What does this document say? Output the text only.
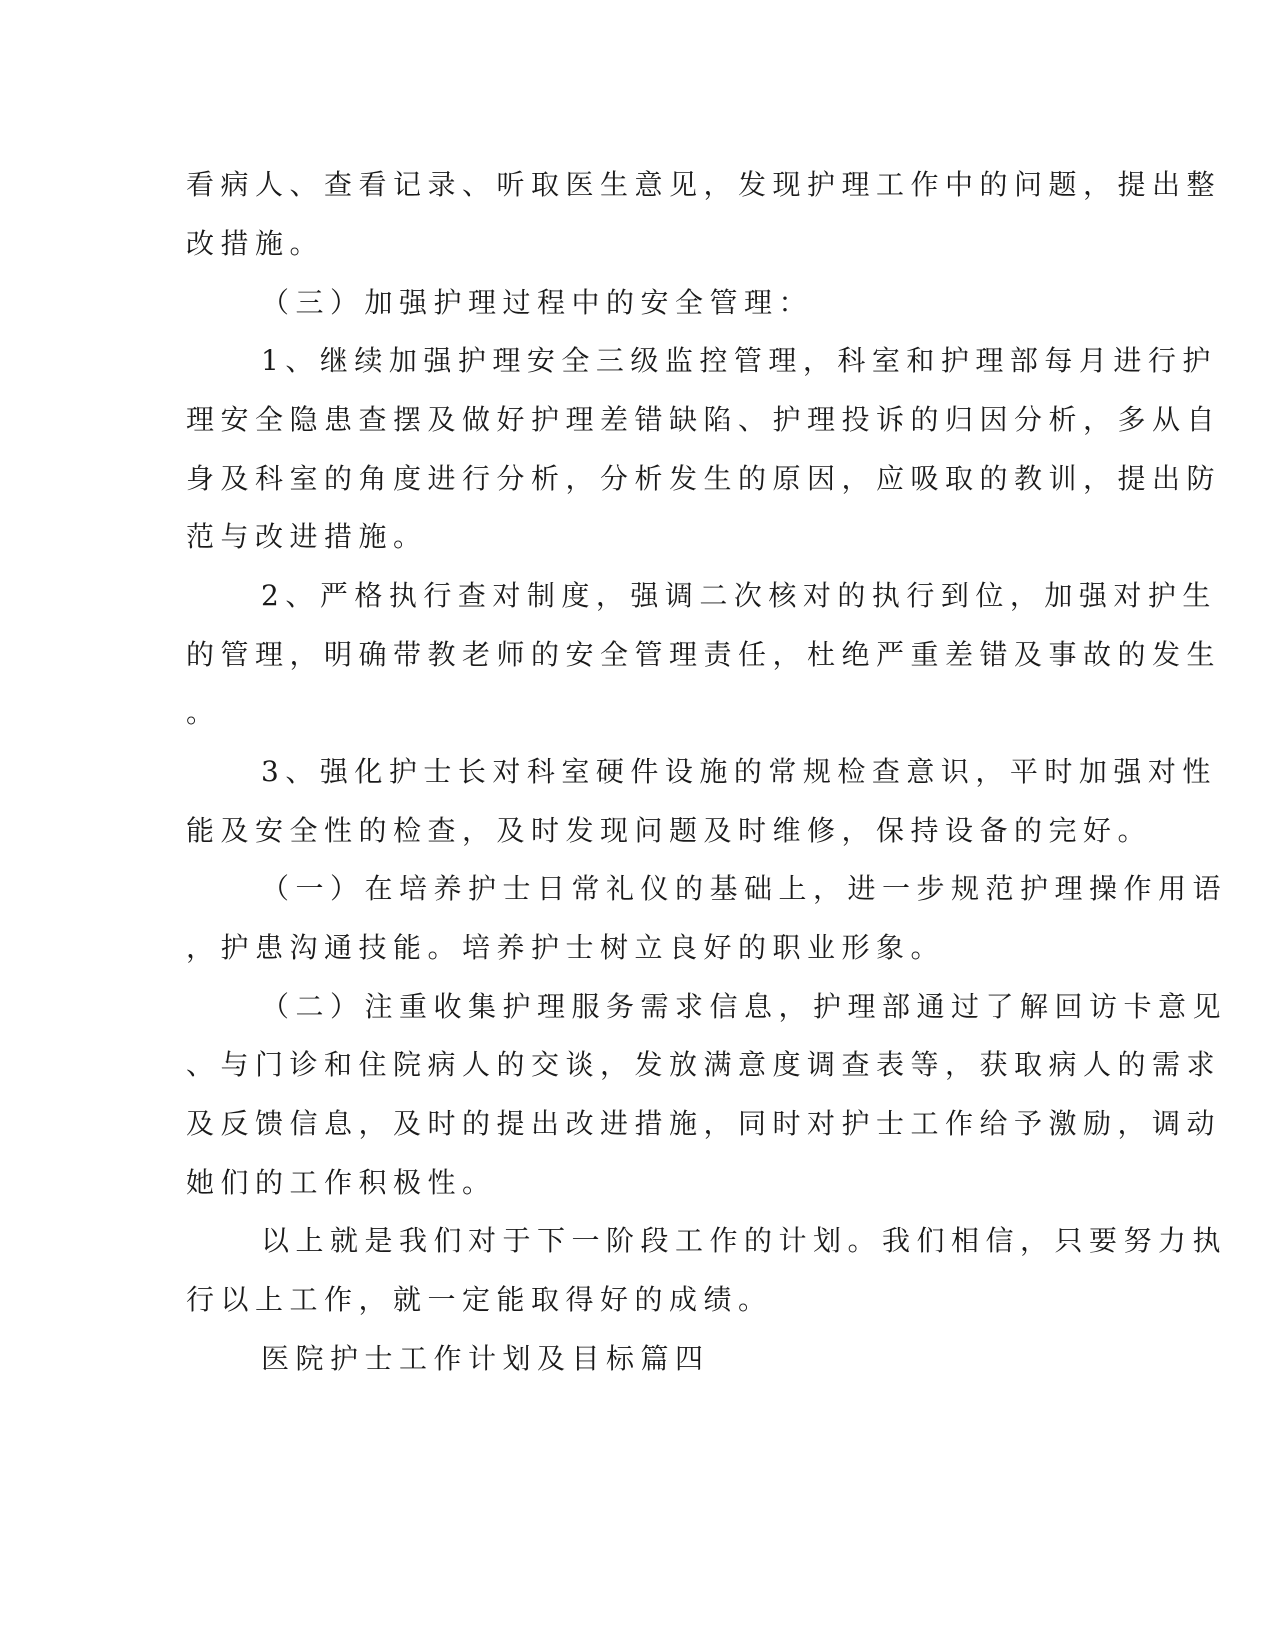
看病人、查看记录、听取医生意见，发现护理工作中的问题，提出整
改措施。
（三）加强护理过程中的安全管理：
1、继续加强护理安全三级监控管理，科室和护理部每月进行护
理安全隐患查摆及做好护理差错缺陷、护理投诉的归因分析，多从自
身及科室的角度进行分析，分析发生的原因，应吸取的教训，提出防
范与改进措施。
2、严格执行查对制度，强调二次核对的执行到位，加强对护生
的管理，明确带教老师的安全管理责任，杜绝严重差错及事故的发生
。
3、强化护士长对科室硬件设施的常规检查意识，平时加强对性
能及安全性的检查，及时发现问题及时维修，保持设备的完好。
（一）在培养护士日常礼仪的基础上，进一步规范护理操作用语
，护患沟通技能。培养护士树立良好的职业形象。
（二）注重收集护理服务需求信息，护理部通过了解回访卡意见
、与门诊和住院病人的交谈，发放满意度调查表等，获取病人的需求
及反馈信息，及时的提出改进措施，同时对护士工作给予激励，调动
她们的工作积极性。
以上就是我们对于下一阶段工作的计划。我们相信，只要努力执
行以上工作，就一定能取得好的成绩。
医院护士工作计划及目标篇四
